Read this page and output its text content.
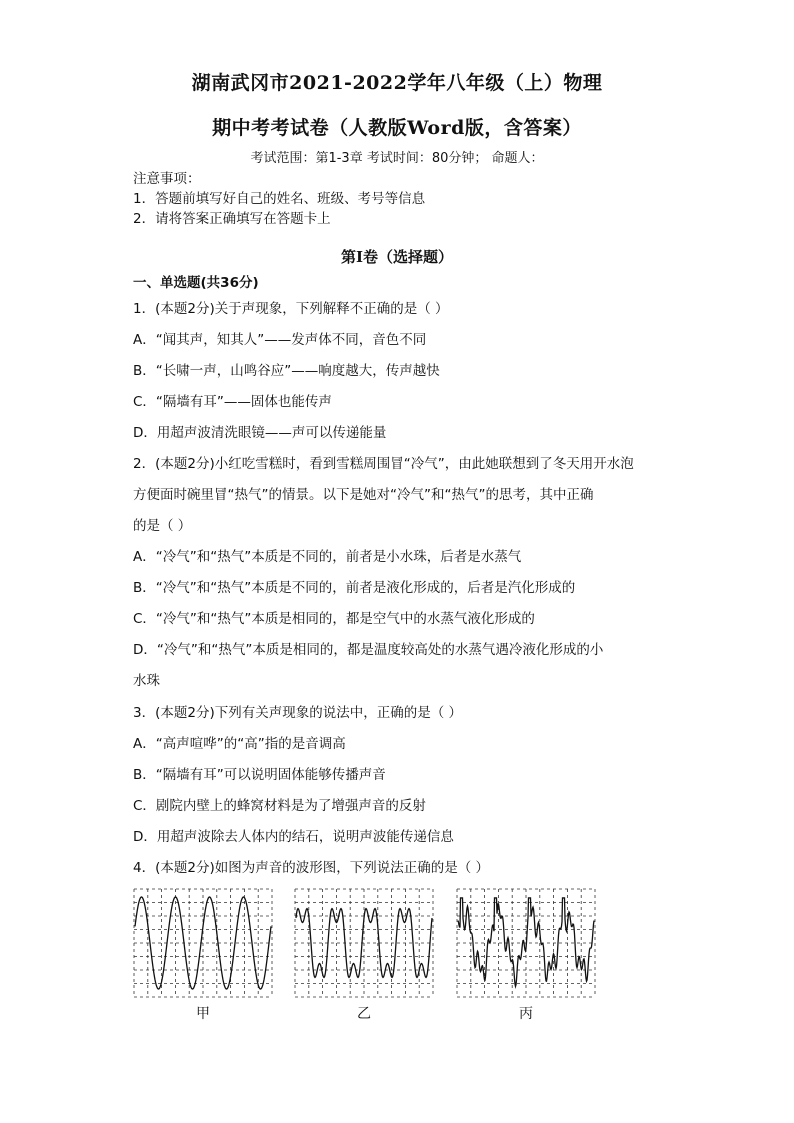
湖南武冈市2021-2022学年八年级（上）物理
期中考考试卷（人教版Word版，含答案）
考试范围：第1-3章 考试时间：80分钟； 命题人：
注意事项：
1．答题前填写好自己的姓名、班级、考号等信息
2．请将答案正确填写在答题卡上
第I卷（选择题）
一、单选题(共36分)
1．(本题2分)关于声现象，下列解释不正确的是（ ）
A．“闻其声，知其人”——发声体不同，音色不同
B．“长啸一声，山鸣谷应”——响度越大，传声越快
C．“隔墙有耳”——固体也能传声
D．用超声波清洗眼镜——声可以传递能量
2．(本题2分)小红吃雪糕时，看到雪糕周围冒“冷气”，由此她联想到了冬天用开水泡
方便面时碗里冒“热气”的情景。以下是她对“冷气”和“热气”的思考，其中正确
的是（ ）
A．“冷气”和“热气”本质是不同的，前者是小水珠，后者是水蒸气
B．“冷气”和“热气”本质是不同的，前者是液化形成的，后者是汽化形成的
C．“冷气”和“热气”本质是相同的，都是空气中的水蒸气液化形成的
D．“冷气”和“热气”本质是相同的，都是温度较高处的水蒸气遇冷液化形成的小
水珠
3．(本题2分)下列有关声现象的说法中，正确的是（ ）
A．“高声喧哗”的“高”指的是音调高
B．“隔墙有耳”可以说明固体能够传播声音
C．剧院内壁上的蜂窝材料是为了增强声音的反射
D．用超声波除去人体内的结石，说明声波能传递信息
4．(本题2分)如图为声音的波形图，下列说法正确的是（ ）
甲	乙	丙
